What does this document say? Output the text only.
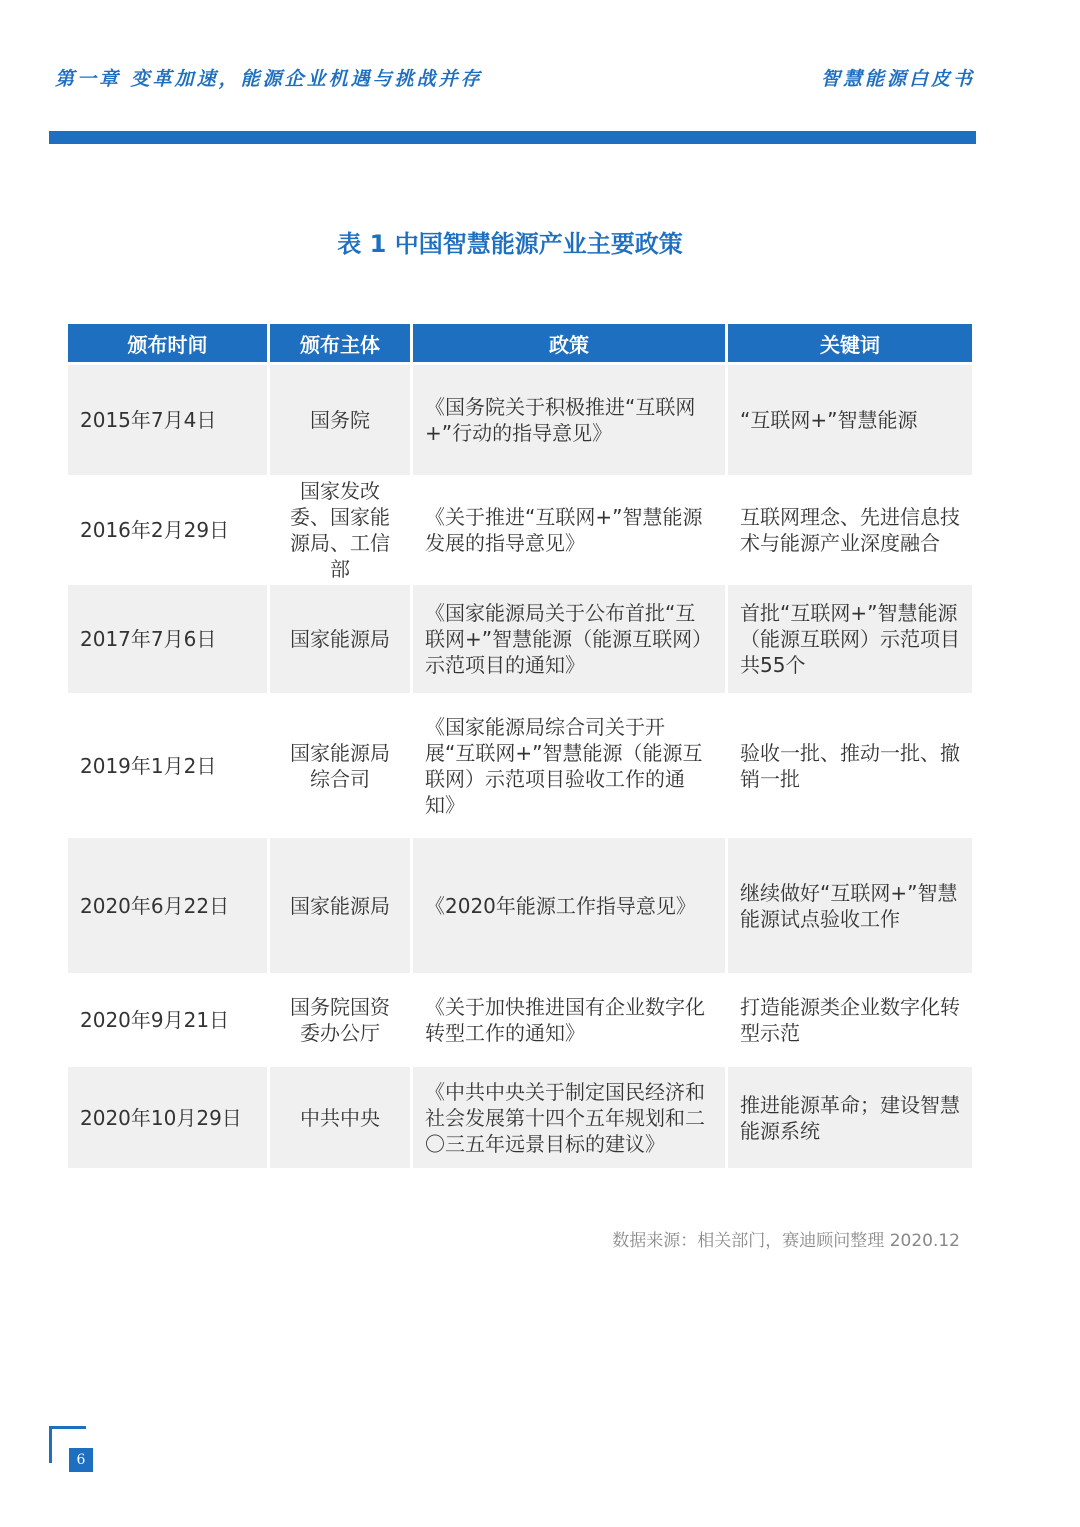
第一章 变革加速，能源企业机遇与挑战并存	智慧能源白皮书
表 1 中国智慧能源产业主要政策
颁布时间	颁布主体	政策	关键词
2015年7月4日	国务院	《国务院关于积极推进“互联网+”行动的指导意见》	“互联网+”智慧能源
2016年2月29日	国家发改委、国家能源局、工信部	《关于推进“互联网+”智慧能源发展的指导意见》	互联网理念、先进信息技术与能源产业深度融合
2017年7月6日	国家能源局	《国家能源局关于公布首批“互联网+”智慧能源（能源互联网）示范项目的通知》	首批“互联网+”智慧能源（能源互联网）示范项目共55个
2019年1月2日	国家能源局综合司	《国家能源局综合司关于开展“互联网+”智慧能源（能源互联网）示范项目验收工作的通知》	验收一批、推动一批、撤销一批
2020年6月22日	国家能源局	《2020年能源工作指导意见》	继续做好“互联网+”智慧能源试点验收工作
2020年9月21日	国务院国资委办公厅	《关于加快推进国有企业数字化转型工作的通知》	打造能源类企业数字化转型示范
2020年10月29日	中共中央	《中共中央关于制定国民经济和社会发展第十四个五年规划和二〇三五年远景目标的建议》	推进能源革命；建设智慧能源系统
数据来源：相关部门，赛迪顾问整理 2020.12
6
